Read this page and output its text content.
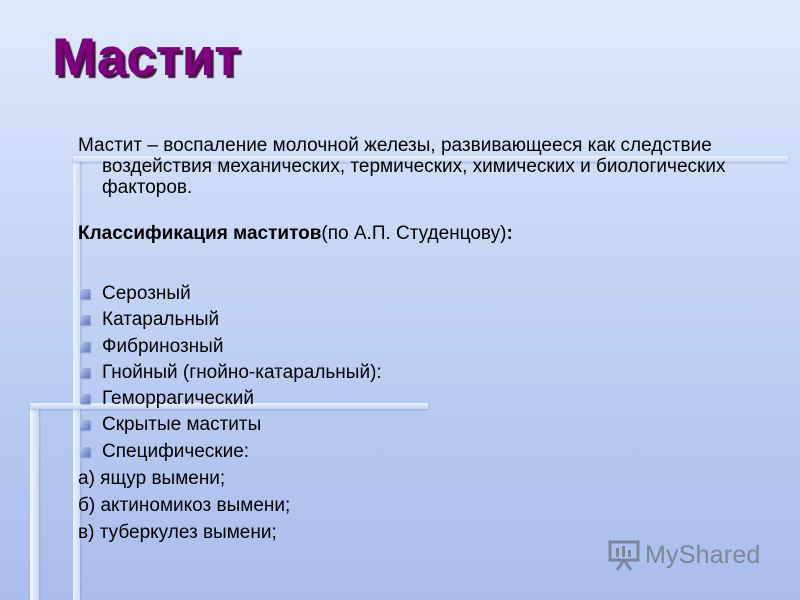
Мастит

Мастит – воспаление молочной железы, развивающееся как следствие воздействия механических, термических, химических и биологических факторов.

Классификация маститов(по А.П. Студенцову):

Серозный
Катаральный
Фибринозный
Гнойный (гнойно-катаральный):
Геморрагический
Скрытые маститы
Специфические:

а) ящур вымени;

б) актиномикоз вымени;

в) туберкулез вымени;

MyShared
